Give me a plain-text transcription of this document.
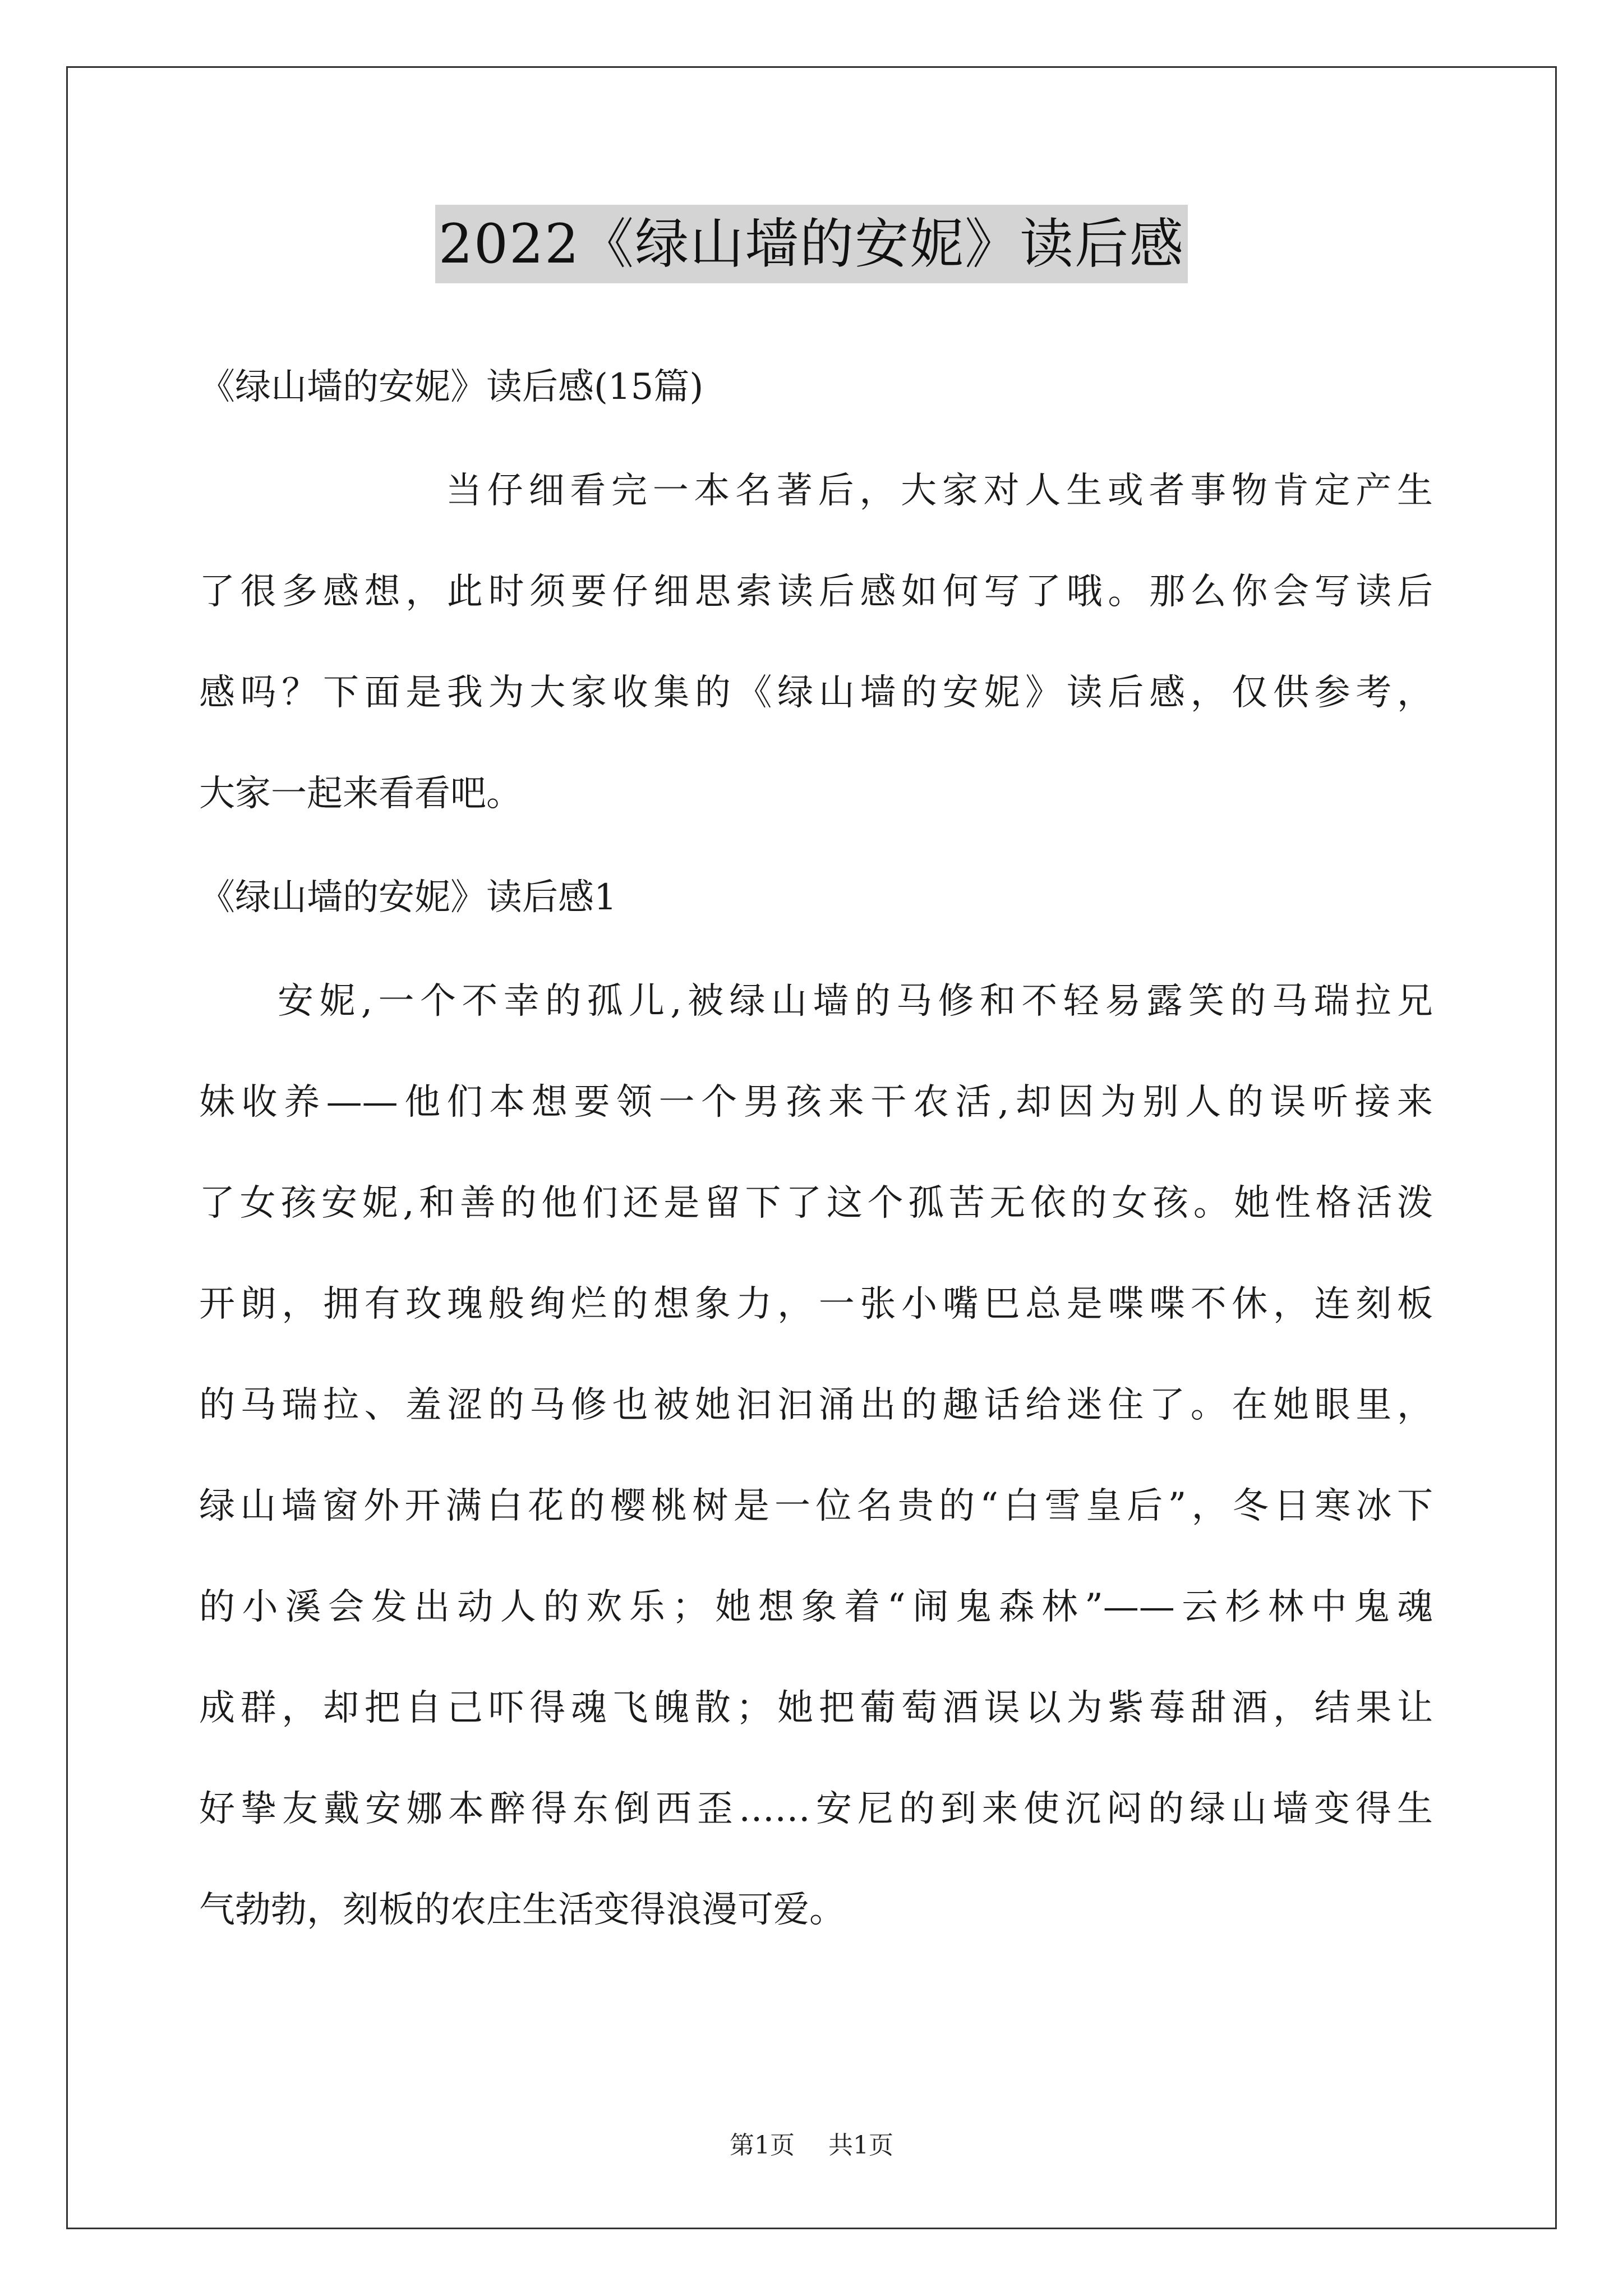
2022《绿山墙的安妮》读后感
《绿山墙的安妮》读后感(15篇)
当仔细看完一本名著后，大家对人生或者事物肯定产生
了很多感想，此时须要仔细思索读后感如何写了哦。那么你会写读后
感吗？下面是我为大家收集的《绿山墙的安妮》读后感，仅供参考，
大家一起来看看吧。
《绿山墙的安妮》读后感1
安妮,一个不幸的孤儿,被绿山墙的马修和不轻易露笑的马瑞拉兄
妹收养——他们本想要领一个男孩来干农活,却因为别人的误听接来
了女孩安妮,和善的他们还是留下了这个孤苦无依的女孩。她性格活泼
开朗，拥有玫瑰般绚烂的想象力，一张小嘴巴总是喋喋不休，连刻板
的马瑞拉、羞涩的马修也被她汩汩涌出的趣话给迷住了。在她眼里，
绿山墙窗外开满白花的樱桃树是一位名贵的“白雪皇后”，冬日寒冰下
的小溪会发出动人的欢乐；她想象着“闹鬼森林”——云杉林中鬼魂
成群，却把自己吓得魂飞魄散；她把葡萄酒误以为紫莓甜酒，结果让
好挚友戴安娜本醉得东倒西歪……安尼的到来使沉闷的绿山墙变得生
气勃勃，刻板的农庄生活变得浪漫可爱。
第1页 共1页
